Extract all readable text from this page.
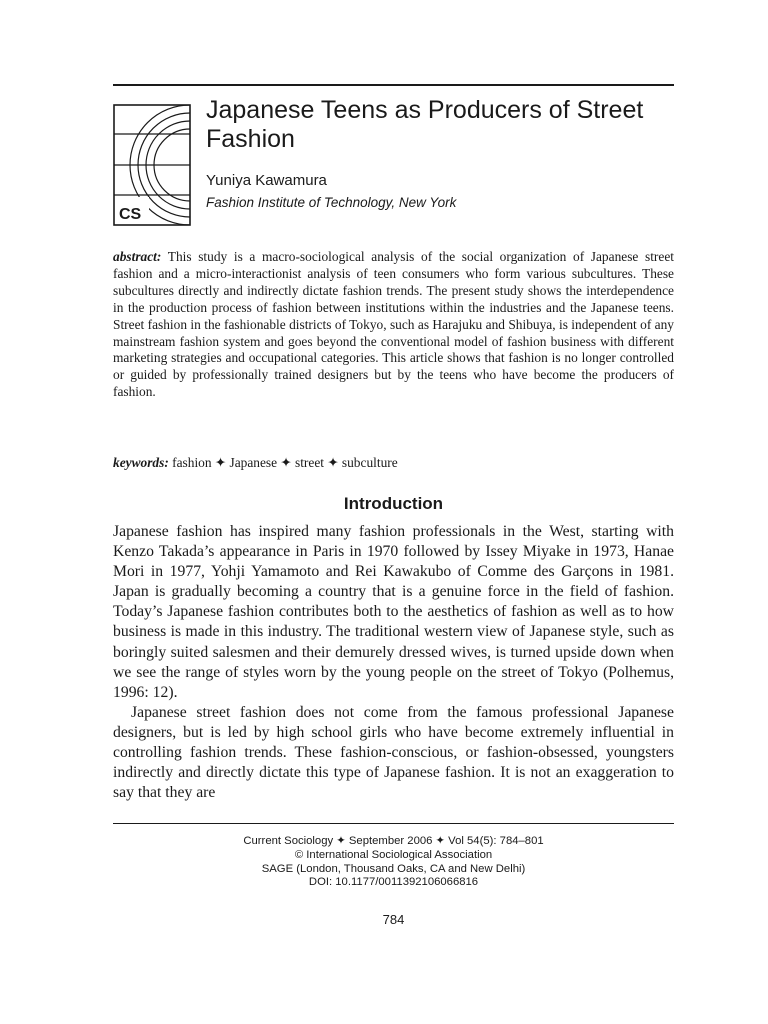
CS
Japanese Teens as Producers of Street Fashion

Yuniya Kawamura

Fashion Institute of Technology, New York

abstract: This study is a macro-sociological analysis of the social organization of Japanese street fashion and a micro-interactionist analysis of teen consumers who form various subcultures. These subcultures directly and indirectly dictate fashion trends. The present study shows the interdependence in the production process of fashion between institutions within the industries and the Japanese teens. Street fashion in the fashionable districts of Tokyo, such as Harajuku and Shibuya, is independent of any mainstream fashion system and goes beyond the conventional model of fashion business with different marketing strategies and occupational categories. This article shows that fashion is no longer controlled or guided by professionally trained designers but by the teens who have become the producers of fashion.

keywords: fashion ✦ Japanese ✦ street ✦ subculture

Introduction

Japanese fashion has inspired many fashion professionals in the West, starting with Kenzo Takada’s appearance in Paris in 1970 followed by Issey Miyake in 1973, Hanae Mori in 1977, Yohji Yamamoto and Rei Kawakubo of Comme des Garçons in 1981. Japan is gradually becoming a country that is a genuine force in the field of fashion. Today’s Japanese fashion contributes both to the aesthetics of fashion as well as to how business is made in this industry. The traditional western view of Japanese style, such as boringly suited salesmen and their demurely dressed wives, is turned upside down when we see the range of styles worn by the young people on the street of Tokyo (Polhemus, 1996: 12).

Japanese street fashion does not come from the famous professional Japanese designers, but is led by high school girls who have become extremely influential in controlling fashion trends. These fashion-conscious, or fashion-obsessed, youngsters indirectly and directly dictate this type of Japanese fashion. It is not an exaggeration to say that they are

Current Sociology ✦ September 2006 ✦ Vol 54(5): 784–801
© International Sociological Association
SAGE (London, Thousand Oaks, CA and New Delhi)
DOI: 10.1177/0011392106066816

784
